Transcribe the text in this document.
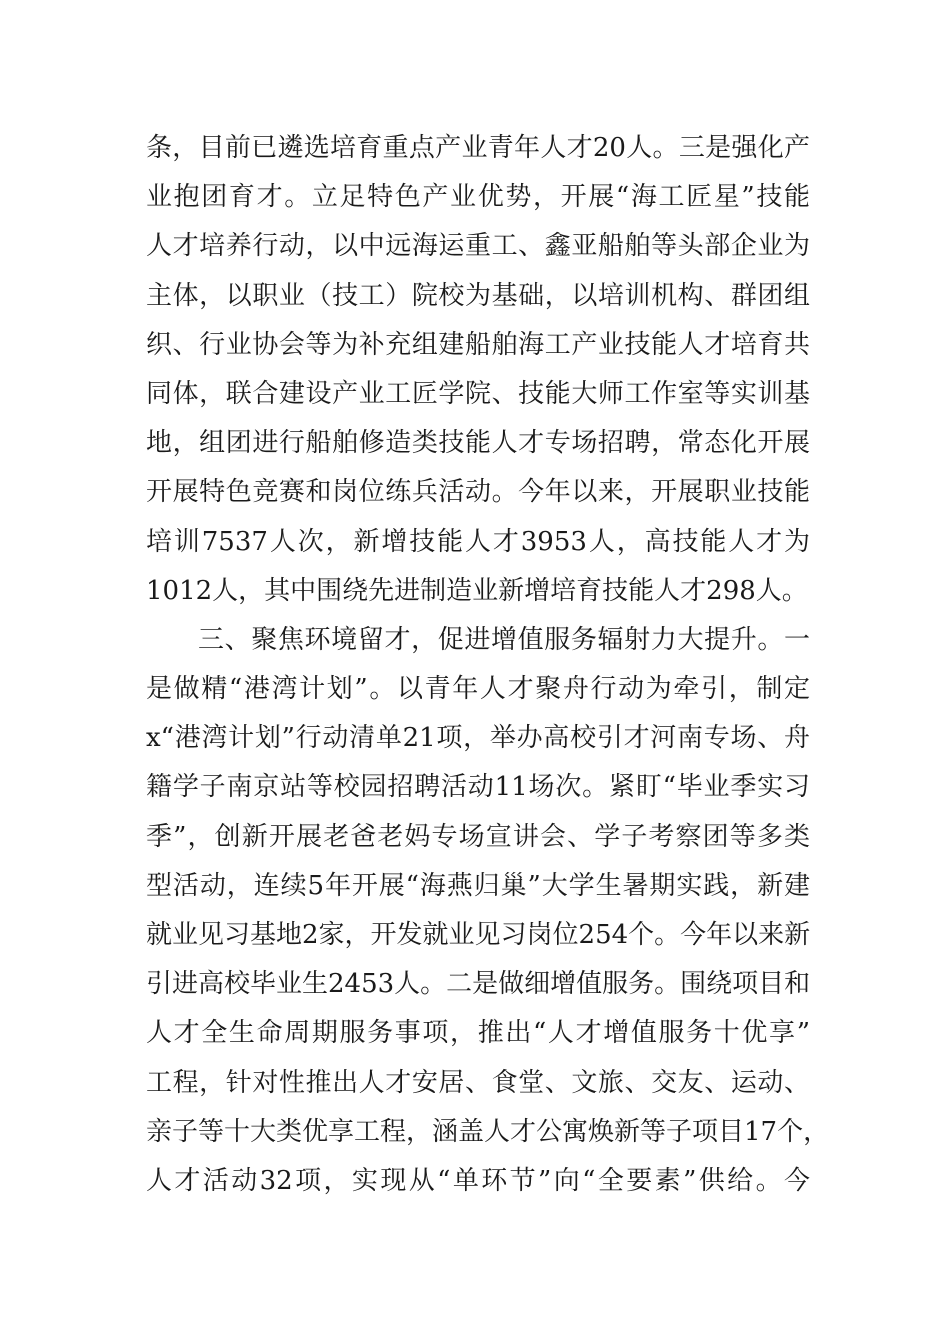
条，目前已遴选培育重点产业青年人才20人。三是强化产
业抱团育才。立足特色产业优势，开展“海工匠星”技能
人才培养行动，以中远海运重工、鑫亚船舶等头部企业为
主体，以职业（技工）院校为基础，以培训机构、群团组
织、行业协会等为补充组建船舶海工产业技能人才培育共
同体，联合建设产业工匠学院、技能大师工作室等实训基
地，组团进行船舶修造类技能人才专场招聘，常态化开展
开展特色竞赛和岗位练兵活动。今年以来，开展职业技能
培训7537人次，新增技能人才3953人，高技能人才为
1012人，其中围绕先进制造业新增培育技能人才298人。
三、聚焦环境留才，促进增值服务辐射力大提升。一
是做精“港湾计划”。以青年人才聚舟行动为牵引，制定
x“港湾计划”行动清单21项，举办高校引才河南专场、舟
籍学子南京站等校园招聘活动11场次。紧盯“毕业季实习
季”，创新开展老爸老妈专场宣讲会、学子考察团等多类
型活动，连续5年开展“海燕归巢”大学生暑期实践，新建
就业见习基地2家，开发就业见习岗位254个。今年以来新
引进高校毕业生2453人。二是做细增值服务。围绕项目和
人才全生命周期服务事项，推出“人才增值服务十优享”
工程，针对性推出人才安居、食堂、文旅、交友、运动、
亲子等十大类优享工程，涵盖人才公寓焕新等子项目17个，
人才活动32项，实现从“单环节”向“全要素”供给。今
